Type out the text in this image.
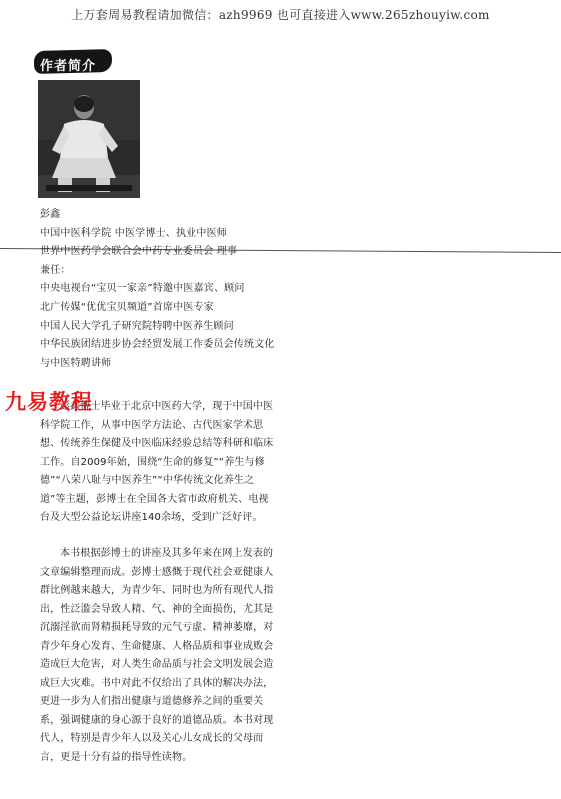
上万套周易教程请加微信：azh9969 也可直接进入www.265zhouyiw.com
作者简介
彭鑫
中国中医科学院 中医学博士、执业中医师
世界中医药学会联合会中药专业委员会 理事
兼任：
中央电视台“宝贝一家亲”特邀中医嘉宾、顾问
北广传媒“优优宝贝频道”首席中医专家
中国人民大学孔子研究院特聘中医养生顾问
中华民族团结进步协会经贸发展工作委员会传统文化
与中医特聘讲师
九易教程
彭鑫博士毕业于北京中医药大学，现于中国中医
科学院工作，从事中医学方法论、古代医家学术思
想、传统养生保健及中医临床经验总结等科研和临床
工作。自2009年始，围绕“生命的修复”“养生与修
德”“八荣八耻与中医养生”“中华传统文化养生之
道”等主题，彭博士在全国各大省市政府机关、电视
台及大型公益论坛讲座140余场，受到广泛好评。
本书根据彭博士的讲座及其多年来在网上发表的
文章编辑整理而成。彭博士感慨于现代社会亚健康人
群比例越来越大，为青少年、同时也为所有现代人指
出，性泛滥会导致人精、气、神的全面损伤，尤其是
沉溺淫欲而肾精损耗导致的元气亏虚、精神萎靡，对
青少年身心发育、生命健康、人格品质和事业成败会
造成巨大危害，对人类生命品质与社会文明发展会造
成巨大灾难。书中对此不仅给出了具体的解决办法，
更进一步为人们指出健康与道德修养之间的重要关
系，强调健康的身心源于良好的道德品质。本书对现
代人，特别是青少年人以及关心儿女成长的父母而
言，更是十分有益的指导性读物。
